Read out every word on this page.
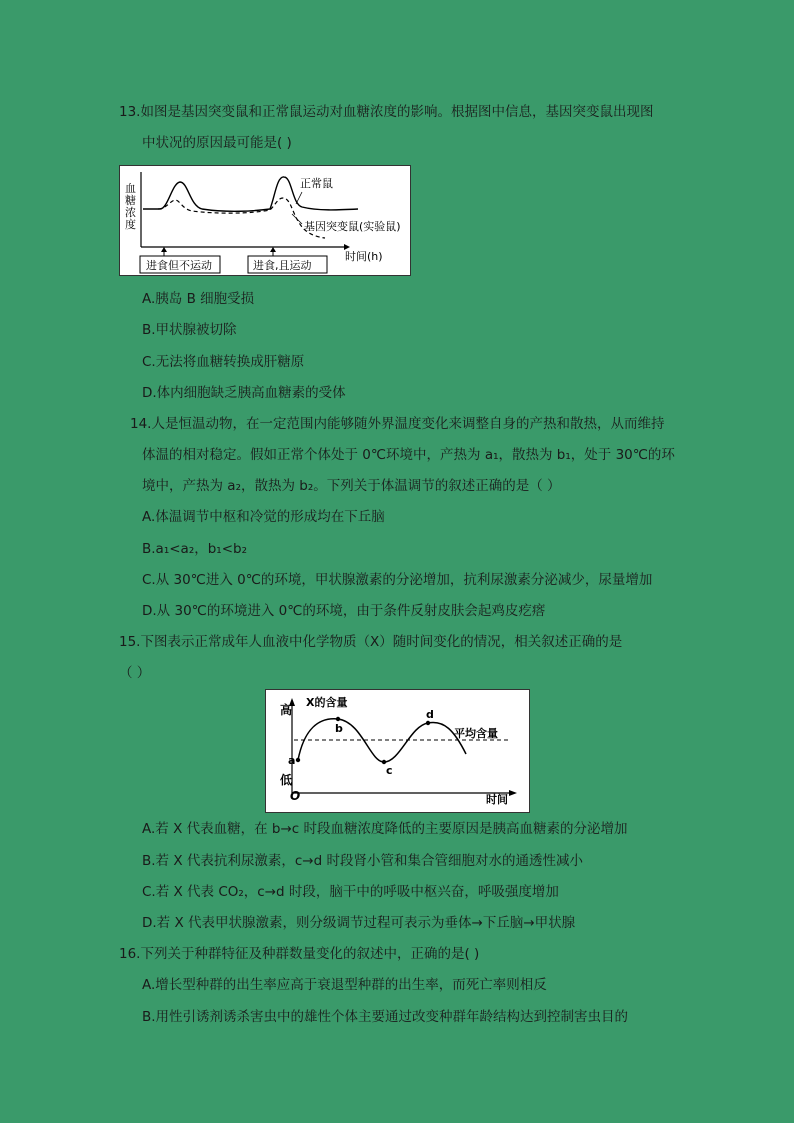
13.如图是基因突变鼠和正常鼠运动对血糖浓度的影响。根据图中信息，基因突变鼠出现图
中状况的原因最可能是( )
血
糖
浓
度
正常鼠
基因突变鼠(实验鼠)
时间(h)
进食但不运动	进食,且运动
A.胰岛 B 细胞受损
B.甲状腺被切除
C.无法将血糖转换成肝糖原
D.体内细胞缺乏胰高血糖素的受体
14.人是恒温动物，在一定范围内能够随外界温度变化来调整自身的产热和散热，从而维持
体温的相对稳定。假如正常个体处于 0℃环境中，产热为 a₁，散热为 b₁，处于 30℃的环
境中，产热为 a₂，散热为 b₂。下列关于体温调节的叙述正确的是（ ）
A.体温调节中枢和冷觉的形成均在下丘脑
B.a₁<a₂，b₁<b₂
C.从 30℃进入 0℃的环境，甲状腺激素的分泌增加，抗利尿激素分泌减少，尿量增加
D.从 30℃的环境进入 0℃的环境，由于条件反射皮肤会起鸡皮疙瘩
15.下图表示正常成年人血液中化学物质（X）随时间变化的情况，相关叙述正确的是
（ ）
X的含量
高
低
O	时间
平均含量
a
b
c
d
A.若 X 代表血糖，在 b→c 时段血糖浓度降低的主要原因是胰高血糖素的分泌增加
B.若 X 代表抗利尿激素，c→d 时段肾小管和集合管细胞对水的通透性减小
C.若 X 代表 CO₂，c→d 时段，脑干中的呼吸中枢兴奋，呼吸强度增加
D.若 X 代表甲状腺激素，则分级调节过程可表示为垂体→下丘脑→甲状腺
16.下列关于种群特征及种群数量变化的叙述中，正确的是( )
A.增长型种群的出生率应高于衰退型种群的出生率，而死亡率则相反
B.用性引诱剂诱杀害虫中的雄性个体主要通过改变种群年龄结构达到控制害虫目的
